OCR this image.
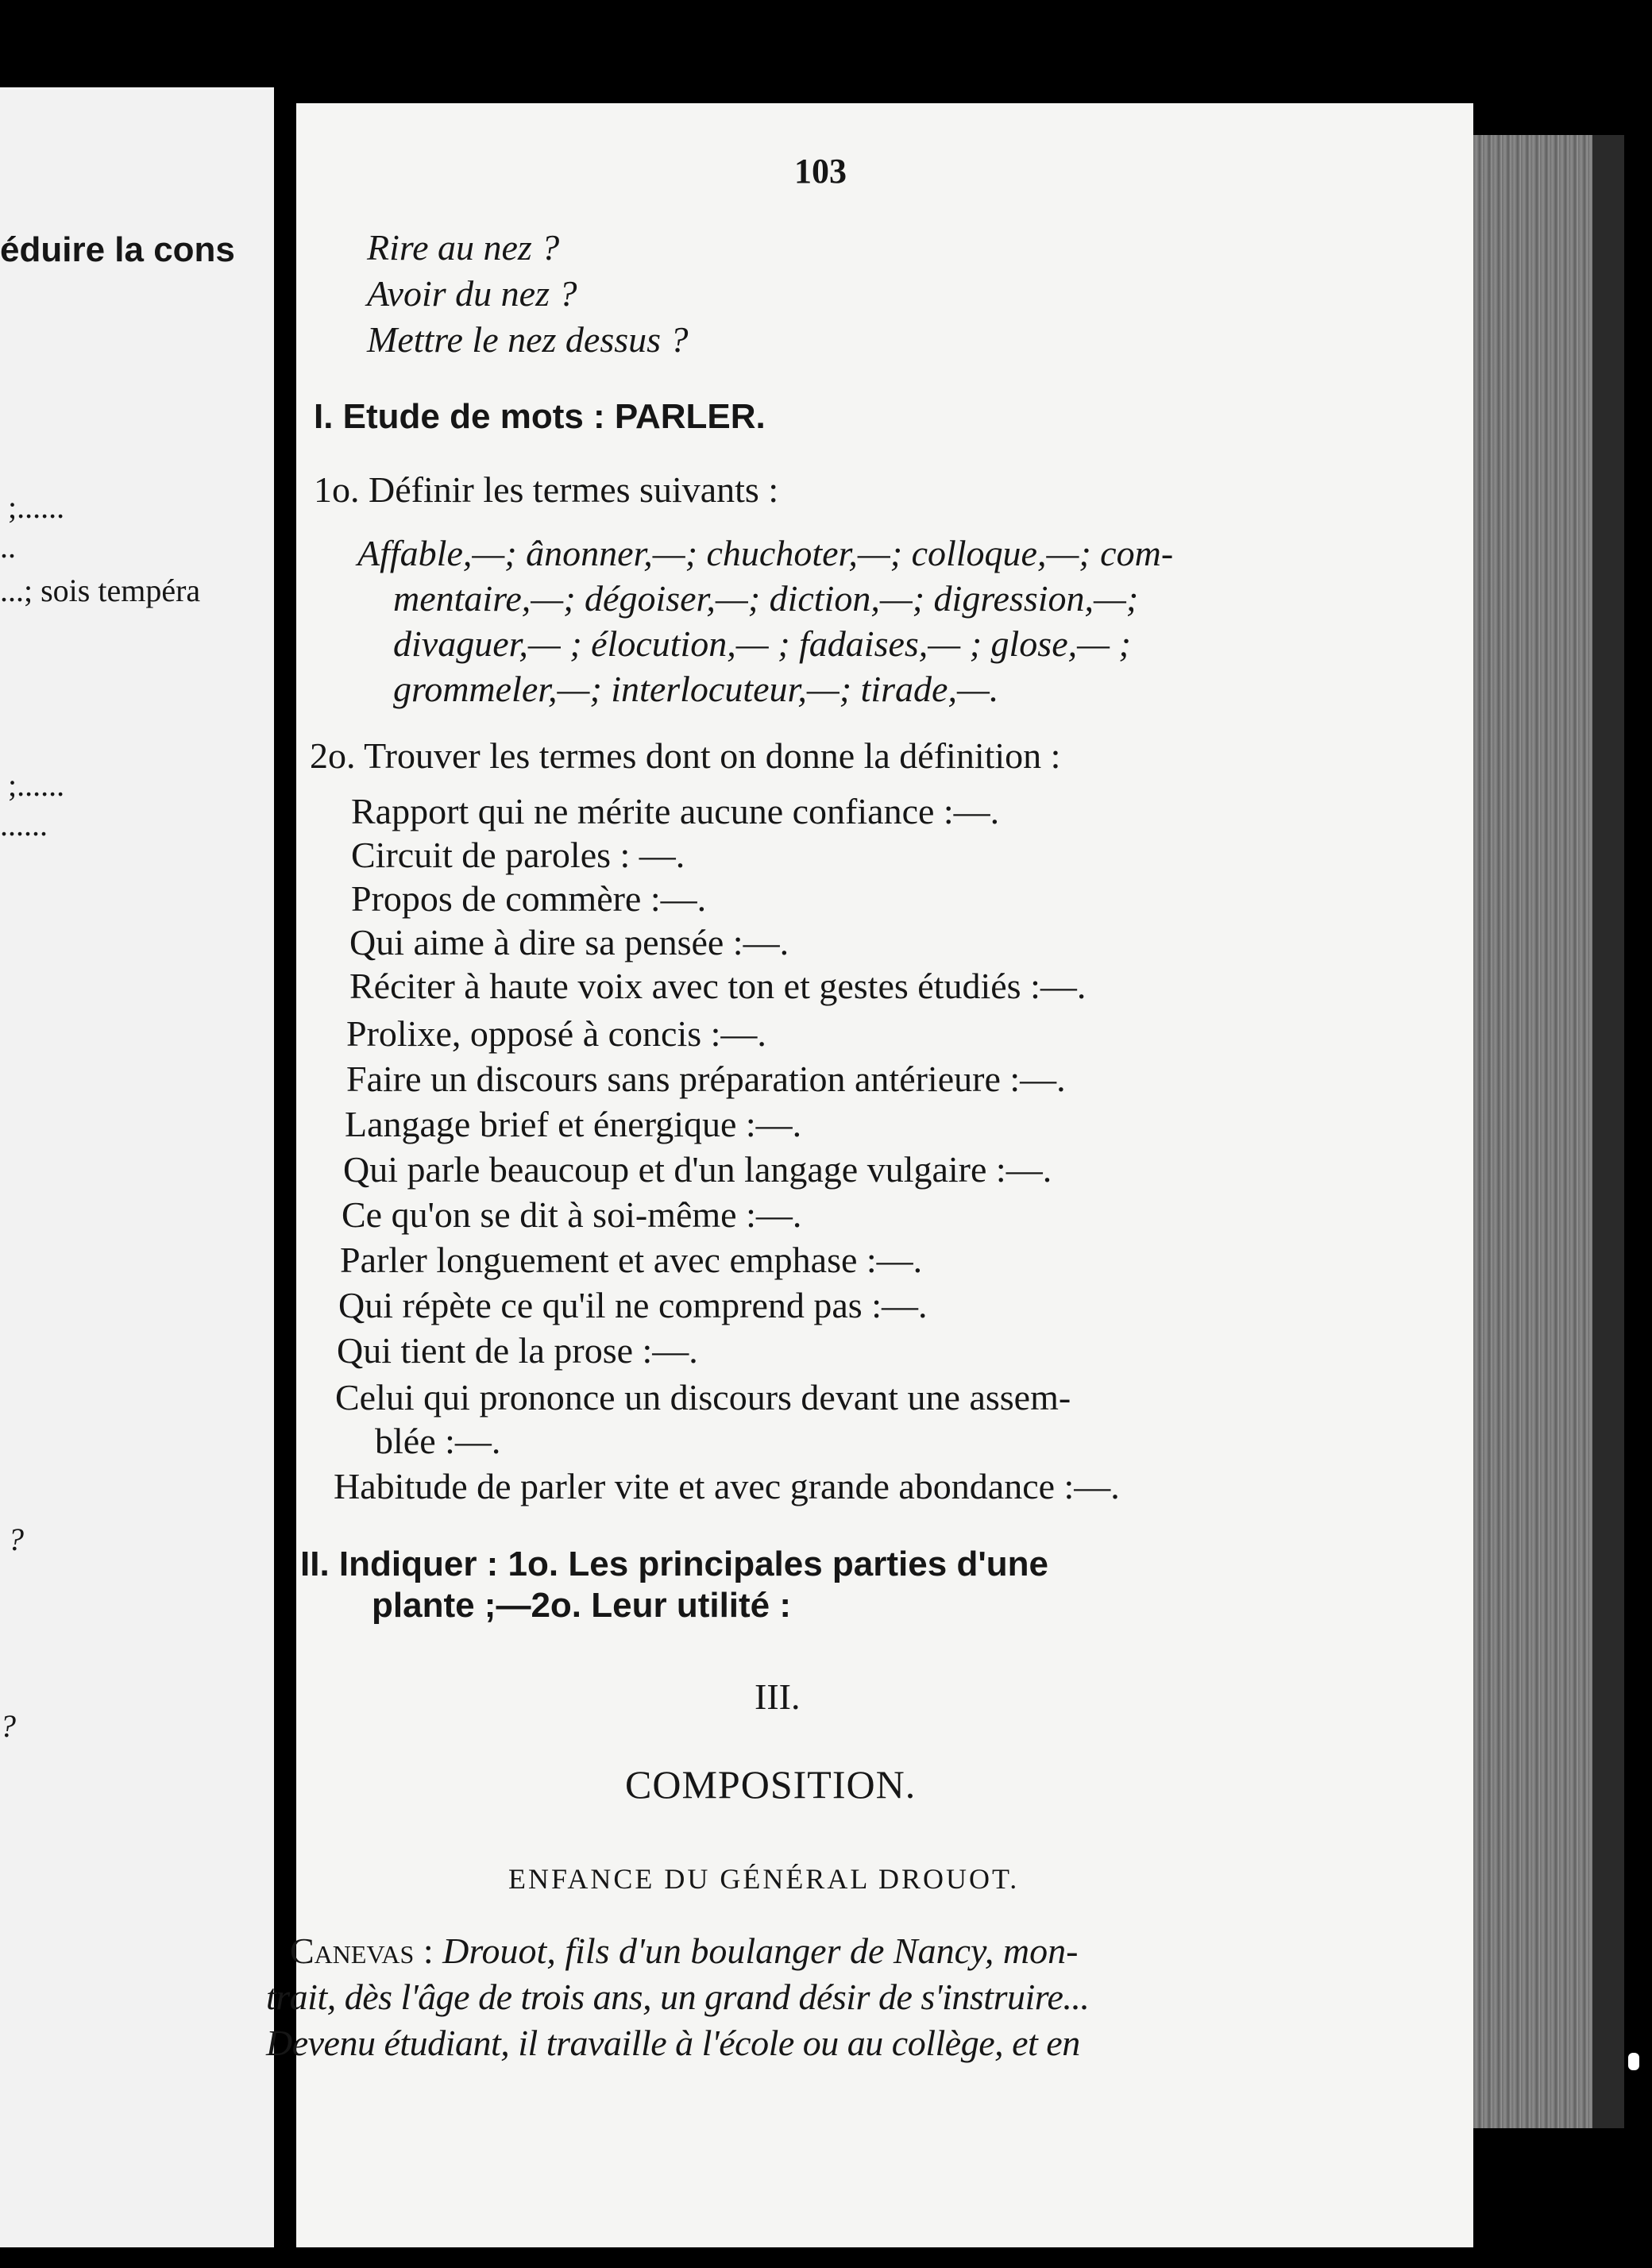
éduire la cons
;......
..
...; sois tempéra
;......
......
?
?
103
Rire au nez ?
Avoir du nez ?
Mettre le nez dessus ?
I. Etude de mots : PARLER.
1o. Définir les termes suivants :
Affable,—; ânonner,—; chuchoter,—; colloque,—; com-
mentaire,—; dégoiser,—; diction,—; digression,—;
divaguer,— ; élocution,— ; fadaises,— ; glose,— ;
grommeler,—; interlocuteur,—; tirade,—.
2o. Trouver les termes dont on donne la définition :
Rapport qui ne mérite aucune confiance :—.
Circuit de paroles : —.
Propos de commère :—.
Qui aime à dire sa pensée :—.
Réciter à haute voix avec ton et gestes étudiés :—.
Prolixe, opposé à concis :—.
Faire un discours sans préparation antérieure :—.
Langage brief et énergique :—.
Qui parle beaucoup et d'un langage vulgaire :—.
Ce qu'on se dit à soi-même :—.
Parler longuement et avec emphase :—.
Qui répète ce qu'il ne comprend pas :—.
Qui tient de la prose :—.
Celui qui prononce un discours devant une assem-
blée :—.
Habitude de parler vite et avec grande abondance :—.
II. Indiquer : 1o. Les principales parties d'une
plante ;—2o. Leur utilité :
III.
COMPOSITION.
ENFANCE DU GÉNÉRAL DROUOT.
Canevas : Drouot, fils d'un boulanger de Nancy, mon-
trait, dès l'âge de trois ans, un grand désir de s'instruire...
Devenu étudiant, il travaille à l'école ou au collège, et en
